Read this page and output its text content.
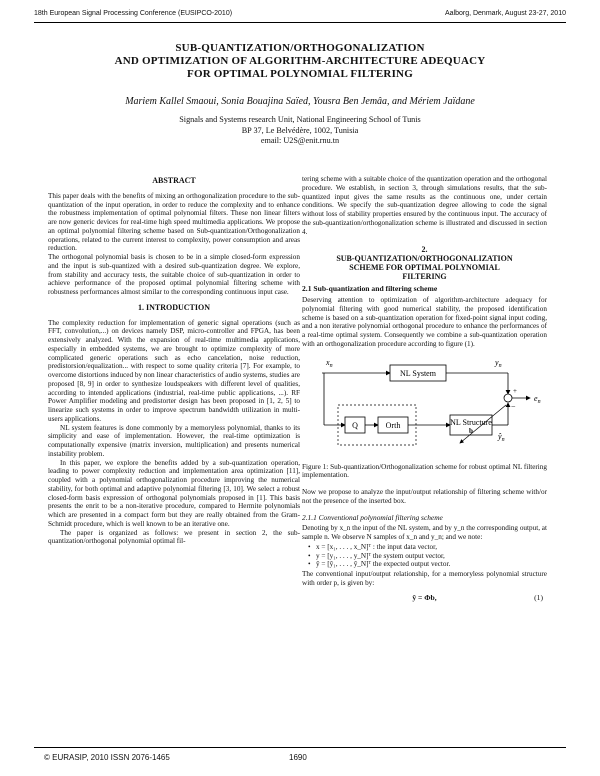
18th European Signal Processing Conference (EUSIPCO-2010)	Aalborg, Denmark, August 23-27, 2010
SUB-QUANTIZATION/ORTHOGONALIZATION
AND OPTIMIZATION OF ALGORITHM-ARCHITECTURE ADEQUACY
FOR OPTIMAL POLYNOMIAL FILTERING
Mariem Kallel Smaoui, Sonia Bouajina Saïed, Yousra Ben Jemâa, and Mériem Jaïdane
Signals and Systems research Unit, National Engineering School of Tunis
BP 37, Le Belvédère, 1002, Tunisia
email: U2S@enit.rnu.tn
ABSTRACT

This paper deals with the benefits of mixing an orthogonalization procedure to the sub-quantization of the input operation, in order to reduce the complexity and to enhance the robustness implementation of optimal polynomial filters. These non linear filters are now generic devices for real-time high speed multimedia applications. We propose an optimal polynomial filtering scheme based on Sub-quantization/Orthogonalization operations, related to the current interest to complexity, power consumption and areas reduction.

The orthogonal polynomial basis is chosen to be in a simple closed-form expression and the input is sub-quantized with a desired sub-quantization degree. We explore, from stability and accuracy tests, the suitable choice of sub-quantization in order to achieve performance of the proposed optimal polynomial filtering scheme with robustness performances almost similar to the corresponding continuous input case.

1. INTRODUCTION

The complexity reduction for implementation of generic signal operations (such as FFT, convolution,...) on devices namely DSP, micro-controller and FPGA, has been extensively analyzed. With the expansion of real-time multimedia applications, especially in embedded systems, we are brought to optimize complexity of more complicated generic operations such as echo cancelation, noise reduction, predistorsion/equalization... with respect to some quality criteria [7]. For example, to overcome distortions induced by non linear characteristics of audio systems, studies are proposed [8, 9] in order to synthesize loudspeakers with different level of qualities, according to intended applications (industrial, real-time public applications, ...). RF Power Amplifier modeling and predistorter design has been proposed in [1, 2, 5] to linearize such systems in order to improve spectrum bandwidth utilization in multi-users applications.

NL system features is done commonly by a memoryless polynomial, thanks to its simplicity and ease of implementation. However, the real-time optimization is computationally expensive (matrix inversion, multiplication) and presents numerical instability problem.

In this paper, we explore the benefits added by a sub-quantization operation, leading to power complexity reduction and implementation area optimization [11], coupled with a polynomial orthogonalization procedure improving the numerical stability, for both optimal and adaptive polynomial filtering [3, 10]. We select a robust closed-form basis expression of orthogonal polynomials proposed in [1]. This basis presents the enrit to be a non-iterative procedure, compared to Hermite polynomials which are presented in a compact form but they are really obtained from the Gram-Schmidt procedure, which is well known to be an iterative one.

The paper is organized as follows: we present in section 2, the sub-quantization/orthogonal polynomial optimal fil-

tering scheme with a suitable choice of the quantization operation and the orthogonal procedure. We establish, in section 3, through simulations results, that the sub-quantized input gives the same results as the continuous one, under certain conditions. We specify the sub-quantization degree allowing to code the signal without loss of stability properties ensured by the continuous input. The accuracy of the sub-quantization/orthogonalization scheme is illustrated and discussed in section 4.

2.
SUB-QUANTIZATION/ORTHOGONALIZATION
SCHEME FOR OPTIMAL POLYNOMIAL
FILTERING
2.1 Sub-quantization and filtering scheme

Deserving attention to optimization of algorithm-architecture adequacy for polynomial filtering with good numerical stability, the proposed identification scheme is based on a sub-quantization operation for fixed-point signal input coding, and a non iterative polynomial orthogonal procedure to enhance the performances of a real-time optimal system. Consequently we combine a sub-quantization operation with an orthogonalization procedure according to figure (1).

$x_n$
NL System
$y_n$
+
−
$e_n$
Q	Orth	NL Structure
b
$ŷ_n$

Figure 1: Sub-quantization/Orthogonalization scheme for robust optimal NL filtering implementation.

Now we propose to analyze the input/output relationship of filtering scheme with/or not the presence of the inserted box.

2.1.1 Conventional polynomial filtering scheme

Denoting by x_n the input of the NL system, and by y_n the corresponding output, at sample n. We observe N samples of x_n and y_n; and we note:

• x = [x₁, . . . , x_N]ᵀ : the input data vector,
• y = [y₁, . . . , y_N]ᵀ the system output vector,
• ŷ = [ŷ₁, . . . , ŷ_N]ᵀ the expected output vector.

The conventional input/output relationship, for a memoryless polynomial structure with order p, is given by:

ŷ = Φb,	(1)
© EURASIP, 2010 ISSN 2076-1465	1690
